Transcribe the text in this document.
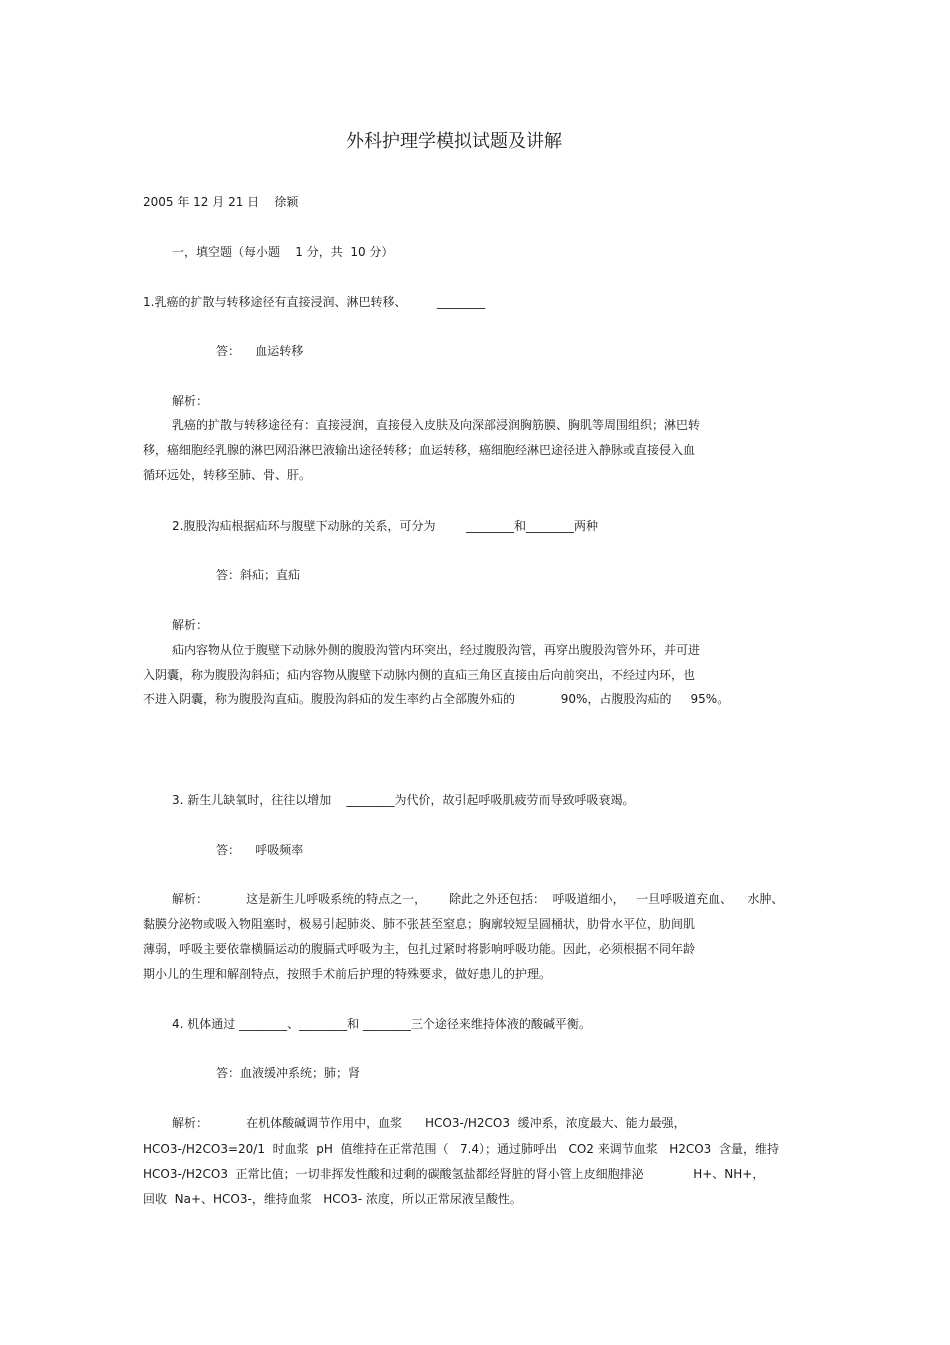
外科护理学模拟试题及讲解
2005 年 12 月 21 日    徐颖
一，填空题（每小题    1 分，共  10 分）
1.乳癌的扩散与转移途径有直接浸润、淋巴转移、        ________
答：    血运转移
解析：
乳癌的扩散与转移途径有：直接浸润，直接侵入皮肤及向深部浸润胸筋膜、胸肌等周围组织；淋巴转
移，癌细胞经乳腺的淋巴网沿淋巴液输出途径转移；血运转移，癌细胞经淋巴途径进入静脉或直接侵入血
循环远处，转移至肺、骨、肝。
2.腹股沟疝根据疝环与腹壁下动脉的关系，可分为        ________和________两种
答：斜疝；直疝
解析：
疝内容物从位于腹壁下动脉外侧的腹股沟管内环突出，经过腹股沟管，再穿出腹股沟管外环，并可进
入阴囊，称为腹股沟斜疝；疝内容物从腹壁下动脉内侧的直疝三角区直接由后向前突出，不经过内环，也
不进入阴囊，称为腹股沟直疝。腹股沟斜疝的发生率约占全部腹外疝的            90%，占腹股沟疝的     95%。
3. 新生儿缺氧时，往往以增加    ________为代价，故引起呼吸肌疲劳而导致呼吸衰竭。
答：    呼吸频率
解析：          这是新生儿呼吸系统的特点之一，      除此之外还包括：  呼吸道细小，   一旦呼吸道充血、    水肿、
黏膜分泌物或吸入物阻塞时，极易引起肺炎、肺不张甚至窒息；胸廓较短呈圆桶状，肋骨水平位，肋间肌
薄弱，呼吸主要依靠横膈运动的腹膈式呼吸为主，包扎过紧时将影响呼吸功能。因此，必须根据不同年龄
期小儿的生理和解剖特点，按照手术前后护理的特殊要求，做好患儿的护理。
4. 机体通过 ________、________和 ________三个途径来维持体液的酸碱平衡。
答：血液缓冲系统；肺；肾
解析：          在机体酸碱调节作用中，血浆      HCO3-/H2CO3  缓冲系，浓度最大、能力最强，
HCO3-/H2CO3=20/1  时血浆  pH  值维持在正常范围（   7.4）；通过肺呼出   CO2 来调节血浆   H2CO3  含量，维持
HCO3-/H2CO3  正常比值；一切非挥发性酸和过剩的碳酸氢盐都经肾脏的肾小管上皮细胞排泌             H+、NH+，
回收  Na+、HCO3-，维持血浆   HCO3- 浓度，所以正常尿液呈酸性。
